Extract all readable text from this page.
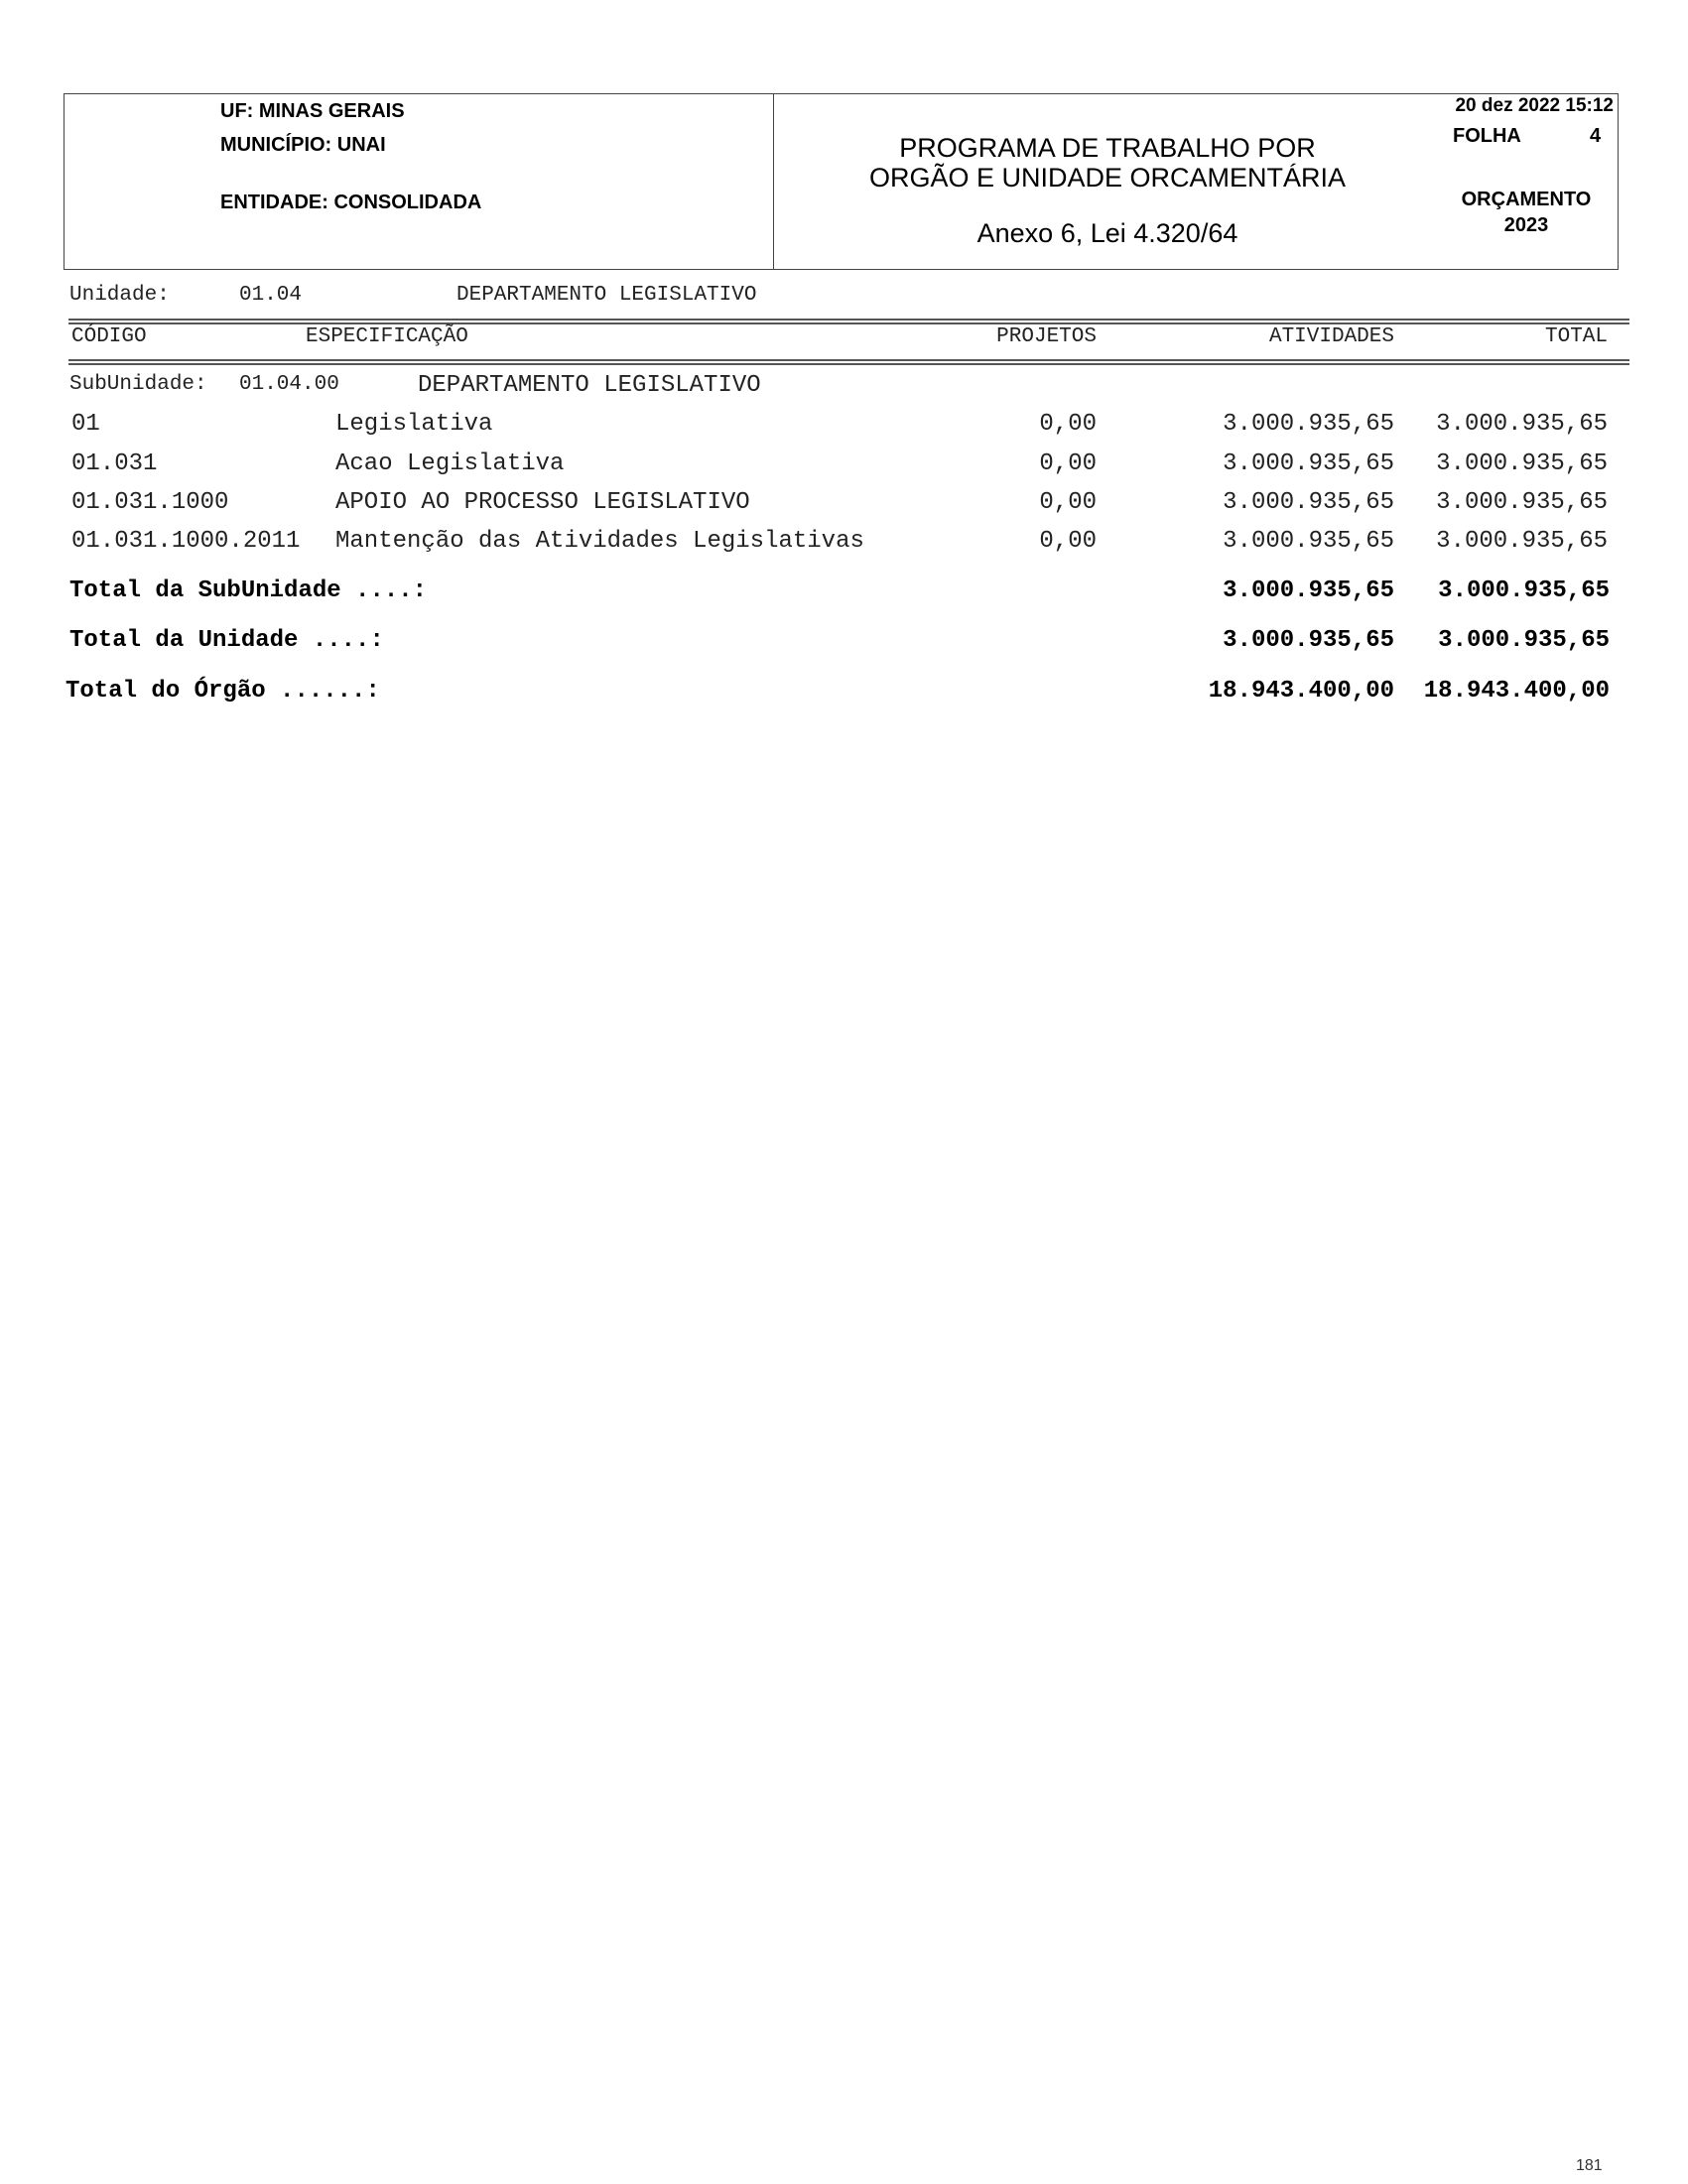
UF: MINAS GERAIS
MUNICÍPIO: UNAI
ENTIDADE: CONSOLIDADA
PROGRAMA DE TRABALHO POR
ORGÃO E UNIDADE ORCAMENTÁRIA
Anexo 6, Lei 4.320/64
20 dez 2022 15:12
FOLHA	4
ORÇAMENTO
2023
Unidade:	01.04	DEPARTAMENTO LEGISLATIVO
CÓDIGO	ESPECIFICAÇÃO	PROJETOS	ATIVIDADES	TOTAL
SubUnidade: 01.04.00	DEPARTAMENTO LEGISLATIVO
01	Legislativa	0,00	3.000.935,65	3.000.935,65
01.031	Acao Legislativa	0,00	3.000.935,65	3.000.935,65
01.031.1000	APOIO AO PROCESSO LEGISLATIVO	0,00	3.000.935,65	3.000.935,65
01.031.1000.2011 Mantenção das Atividades Legislativas	0,00	3.000.935,65	3.000.935,65
Total da SubUnidade ....:	3.000.935,65	3.000.935,65
Total da Unidade ....:	3.000.935,65	3.000.935,65
Total do Órgão ......:	18.943.400,00	18.943.400,00
181
